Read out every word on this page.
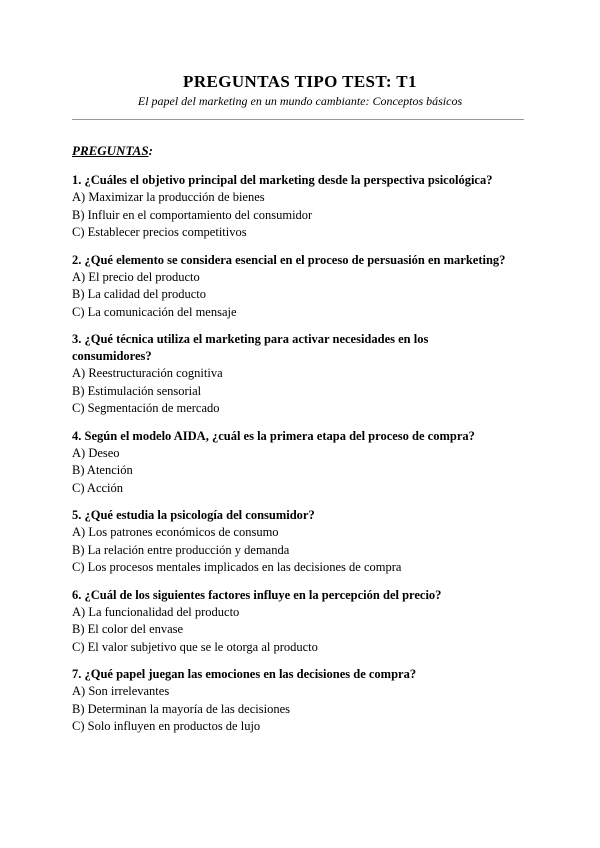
PREGUNTAS TIPO TEST: T1
El papel del marketing en un mundo cambiante: Conceptos básicos
PREGUNTAS:
1. ¿Cuáles el objetivo principal del marketing desde la perspectiva psicológica?
A) Maximizar la producción de bienes
B) Influir en el comportamiento del consumidor
C) Establecer precios competitivos
2. ¿Qué elemento se considera esencial en el proceso de persuasión en marketing?
A) El precio del producto
B) La calidad del producto
C) La comunicación del mensaje
3. ¿Qué técnica utiliza el marketing para activar necesidades en los consumidores?
A) Reestructuración cognitiva
B) Estimulación sensorial
C) Segmentación de mercado
4. Según el modelo AIDA, ¿cuál es la primera etapa del proceso de compra?
A) Deseo
B) Atención
C) Acción
5. ¿Qué estudia la psicología del consumidor?
A) Los patrones económicos de consumo
B) La relación entre producción y demanda
C) Los procesos mentales implicados en las decisiones de compra
6. ¿Cuál de los siguientes factores influye en la percepción del precio?
A) La funcionalidad del producto
B) El color del envase
C) El valor subjetivo que se le otorga al producto
7. ¿Qué papel juegan las emociones en las decisiones de compra?
A) Son irrelevantes
B) Determinan la mayoría de las decisiones
C) Solo influyen en productos de lujo
